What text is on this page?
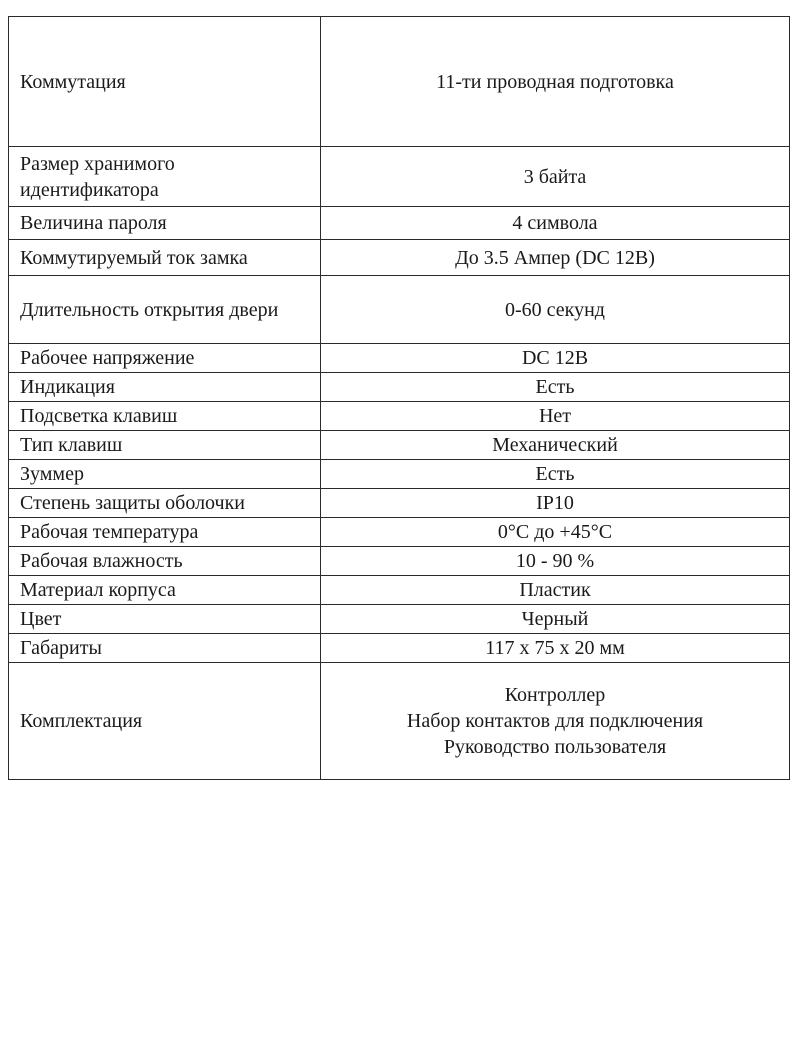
Коммутация	11-ти проводная подготовка
Размер хранимого идентификатора	3 байта
Величина пароля	4 символа
Коммутируемый ток замка	До 3.5 Ампер (DC 12B)
Длительность открытия двери	0-60 секунд
Рабочее напряжение	DC 12B
Индикация	Есть
Подсветка клавиш	Нет
Тип клавиш	Механический
Зуммер	Есть
Степень защиты оболочки	IP10
Рабочая температура	0°C до +45°C
Рабочая влажность	10 - 90 %
Материал корпуса	Пластик
Цвет	Черный
Габариты	117 х 75 х 20 мм
Комплектация	Контроллер
Набор контактов для подключения
Руководство пользователя
